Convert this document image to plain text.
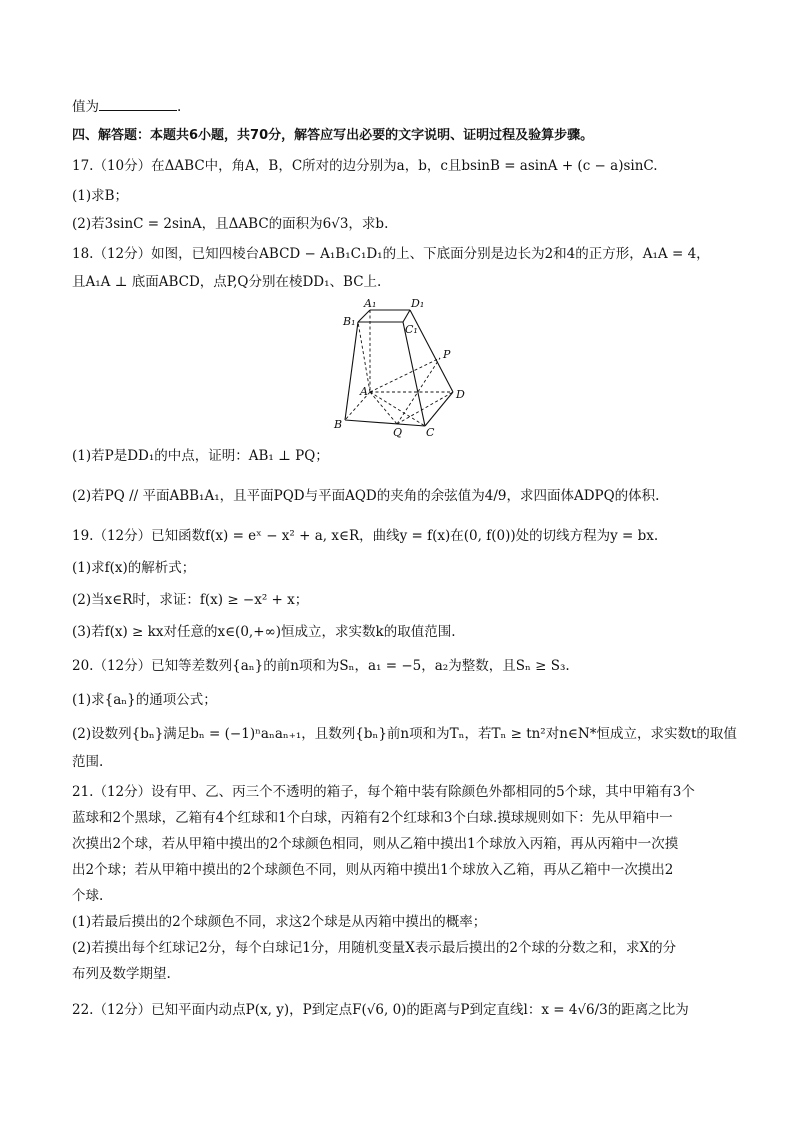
值为	.
四、解答题：本题共6小题，共70分，解答应写出必要的文字说明、证明过程及验算步骤。
17.（10分）在ΔABC中，角A，B，C所对的边分别为a，b，c且bsinB = asinA + (c − a)sinC.
(1)求B；
(2)若3sinC = 2sinA，且ΔABC的面积为6√3，求b.
18.（12分）如图，已知四棱台ABCD − A₁B₁C₁D₁的上、下底面分别是边长为2和4的正方形，A₁A = 4，
且A₁A ⊥ 底面ABCD，点P,Q分别在棱DD₁、BC上.
A₁	D₁
B₁
C₁
P
A	D
B
Q C
(1)若P是DD₁的中点，证明：AB₁ ⊥ PQ；
(2)若PQ // 平面ABB₁A₁，且平面PQD与平面AQD的夹角的余弦值为4/9，求四面体ADPQ的体积.
19.（12分）已知函数f(x) = eˣ − x² + a, x∈R，曲线y = f(x)在(0, f(0))处的切线方程为y = bx.
(1)求f(x)的解析式；
(2)当x∈R时，求证：f(x) ≥ −x² + x；
(3)若f(x) ≥ kx对任意的x∈(0,+∞)恒成立，求实数k的取值范围.
20.（12分）已知等差数列{aₙ}的前n项和为Sₙ，a₁ = −5，a₂为整数，且Sₙ ≥ S₃.
(1)求{aₙ}的通项公式；
(2)设数列{bₙ}满足bₙ = (−1)ⁿaₙaₙ₊₁，且数列{bₙ}前n项和为Tₙ，若Tₙ ≥ tn²对n∈N*恒成立，求实数t的取值
范围.
21.（12分）设有甲、乙、丙三个不透明的箱子，每个箱中装有除颜色外都相同的5个球，其中甲箱有3个
蓝球和2个黑球，乙箱有4个红球和1个白球，丙箱有2个红球和3个白球.摸球规则如下：先从甲箱中一
次摸出2个球，若从甲箱中摸出的2个球颜色相同，则从乙箱中摸出1个球放入丙箱，再从丙箱中一次摸
出2个球；若从甲箱中摸出的2个球颜色不同，则从丙箱中摸出1个球放入乙箱，再从乙箱中一次摸出2
个球.
(1)若最后摸出的2个球颜色不同，求这2个球是从丙箱中摸出的概率；
(2)若摸出每个红球记2分，每个白球记1分，用随机变量X表示最后摸出的2个球的分数之和，求X的分
布列及数学期望.
22.（12分）已知平面内动点P(x, y)，P到定点F(√6, 0)的距离与P到定直线l：x = 4√6/3的距离之比为
